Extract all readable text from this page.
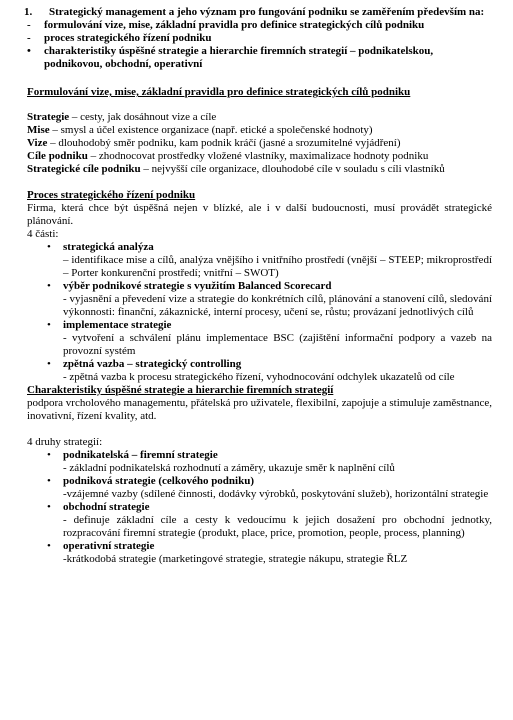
1.	Strategický management a jeho význam pro fungování podniku se zaměřením především na:
- formulování vize, mise, základní pravidla pro definice strategických cílů podniku
- proces strategického řízení podniku
• charakteristiky úspěšné strategie a hierarchie firemních strategií – podnikatelskou, podnikovou, obchodní, operativní

Formulování vize, mise, základní pravidla pro definice strategických cílů podniku

Strategie – cesty, jak dosáhnout vize a cíle

Mise – smysl a účel existence organizace (např. etické a společenské hodnoty)

Vize – dlouhodobý směr podniku, kam podnik kráčí (jasné a srozumitelné vyjádření)

Cíle podniku – zhodnocovat prostředky vložené vlastníky, maximalizace hodnoty podniku

Strategické cíle podniku – nejvyšší cíle organizace, dlouhodobé cíle v souladu s cíli vlastníků

Proces strategického řízení podniku

Firma, která chce být úspěšná nejen v blízké, ale i v další budoucnosti, musí provádět strategické plánování.

4 části:

• strategická analýza
– identifikace mise a cílů, analýza vnějšího i vnitřního prostředí (vnější – STEEP; mikroprostředí – Porter konkurenční prostředí; vnitřní – SWOT)
• výběr podnikové strategie s využitím Balanced Scorecard
- vyjasnění a převedení vize a strategie do konkrétních cílů, plánování a stanovení cílů, sledování výkonnosti: finanční, zákaznické, interní procesy, učení se, růstu; provázaní jednotlivých cílů
• implementace strategie
- vytvoření a schválení plánu implementace BSC (zajištění informační podpory a vazeb na provozní systém
• zpětná vazba – strategický controlling
- zpětná vazba k procesu strategického řízení, vyhodnocování odchylek ukazatelů od cíle

Charakteristiky úspěšné strategie a hierarchie firemních strategií

podpora vrcholového managementu, přátelská pro uživatele, flexibilní, zapojuje a stimuluje zaměstnance, inovativní, řízení kvality, atd.

4 druhy strategií:

• podnikatelská – firemní strategie
- základní podnikatelská rozhodnutí a záměry, ukazuje směr k naplnění cílů
• podniková strategie (celkového podniku)
-vzájemné vazby (sdílené činnosti, dodávky výrobků, poskytování služeb), horizontální strategie
• obchodní strategie
- definuje základní cíle a cesty k vedoucímu k jejich dosažení pro obchodní jednotky, rozpracování firemní strategie (produkt, place, price, promotion, people, process, planning)
• operativní strategie
-krátkodobá strategie (marketingové strategie, strategie nákupu, strategie ŘLZ
